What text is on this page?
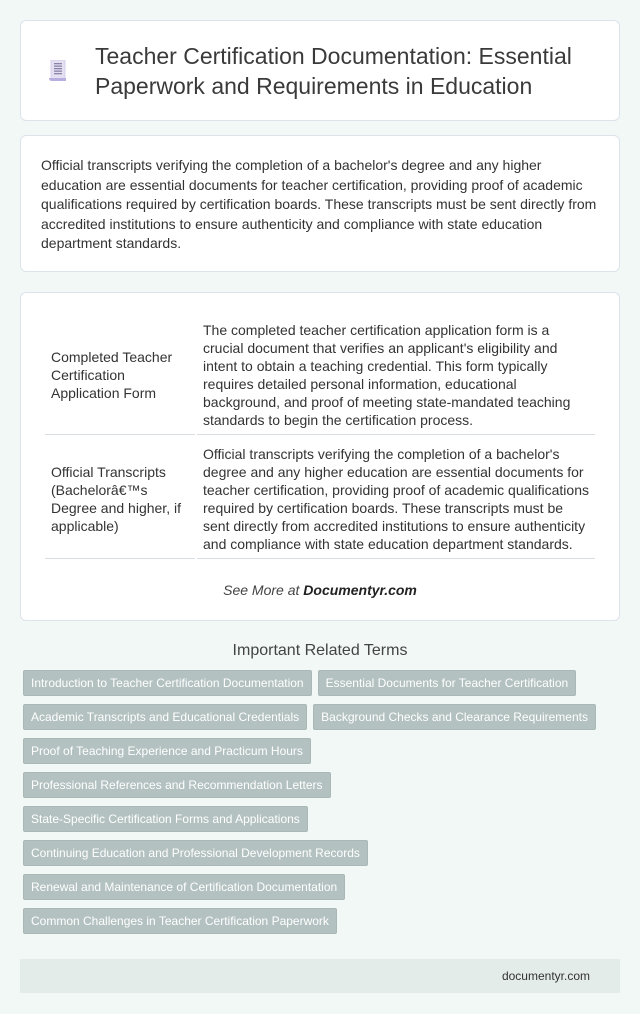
Teacher Certification Documentation: Essential Paperwork and Requirements in Education

Official transcripts verifying the completion of a bachelor's degree and any higher education are essential documents for teacher certification, providing proof of academic qualifications required by certification boards. These transcripts must be sent directly from accredited institutions to ensure authenticity and compliance with state education department standards.

Completed Teacher Certification Application Form	The completed teacher certification application form is a crucial document that verifies an applicant's eligibility and intent to obtain a teaching credential. This form typically requires detailed personal information, educational background, and proof of meeting state-mandated teaching standards to begin the certification process.
Official Transcripts (Bachelorâ€™s Degree and higher, if applicable)	Official transcripts verifying the completion of a bachelor's degree and any higher education are essential documents for teacher certification, providing proof of academic qualifications required by certification boards. These transcripts must be sent directly from accredited institutions to ensure authenticity and compliance with state education department standards.
See More at Documentyr.com
Important Related Terms
Introduction to Teacher Certification Documentation	Essential Documents for Teacher Certification
Academic Transcripts and Educational Credentials	Background Checks and Clearance Requirements
Proof of Teaching Experience and Practicum Hours
Professional References and Recommendation Letters
State-Specific Certification Forms and Applications
Continuing Education and Professional Development Records
Renewal and Maintenance of Certification Documentation
Common Challenges in Teacher Certification Paperwork
documentyr.com
